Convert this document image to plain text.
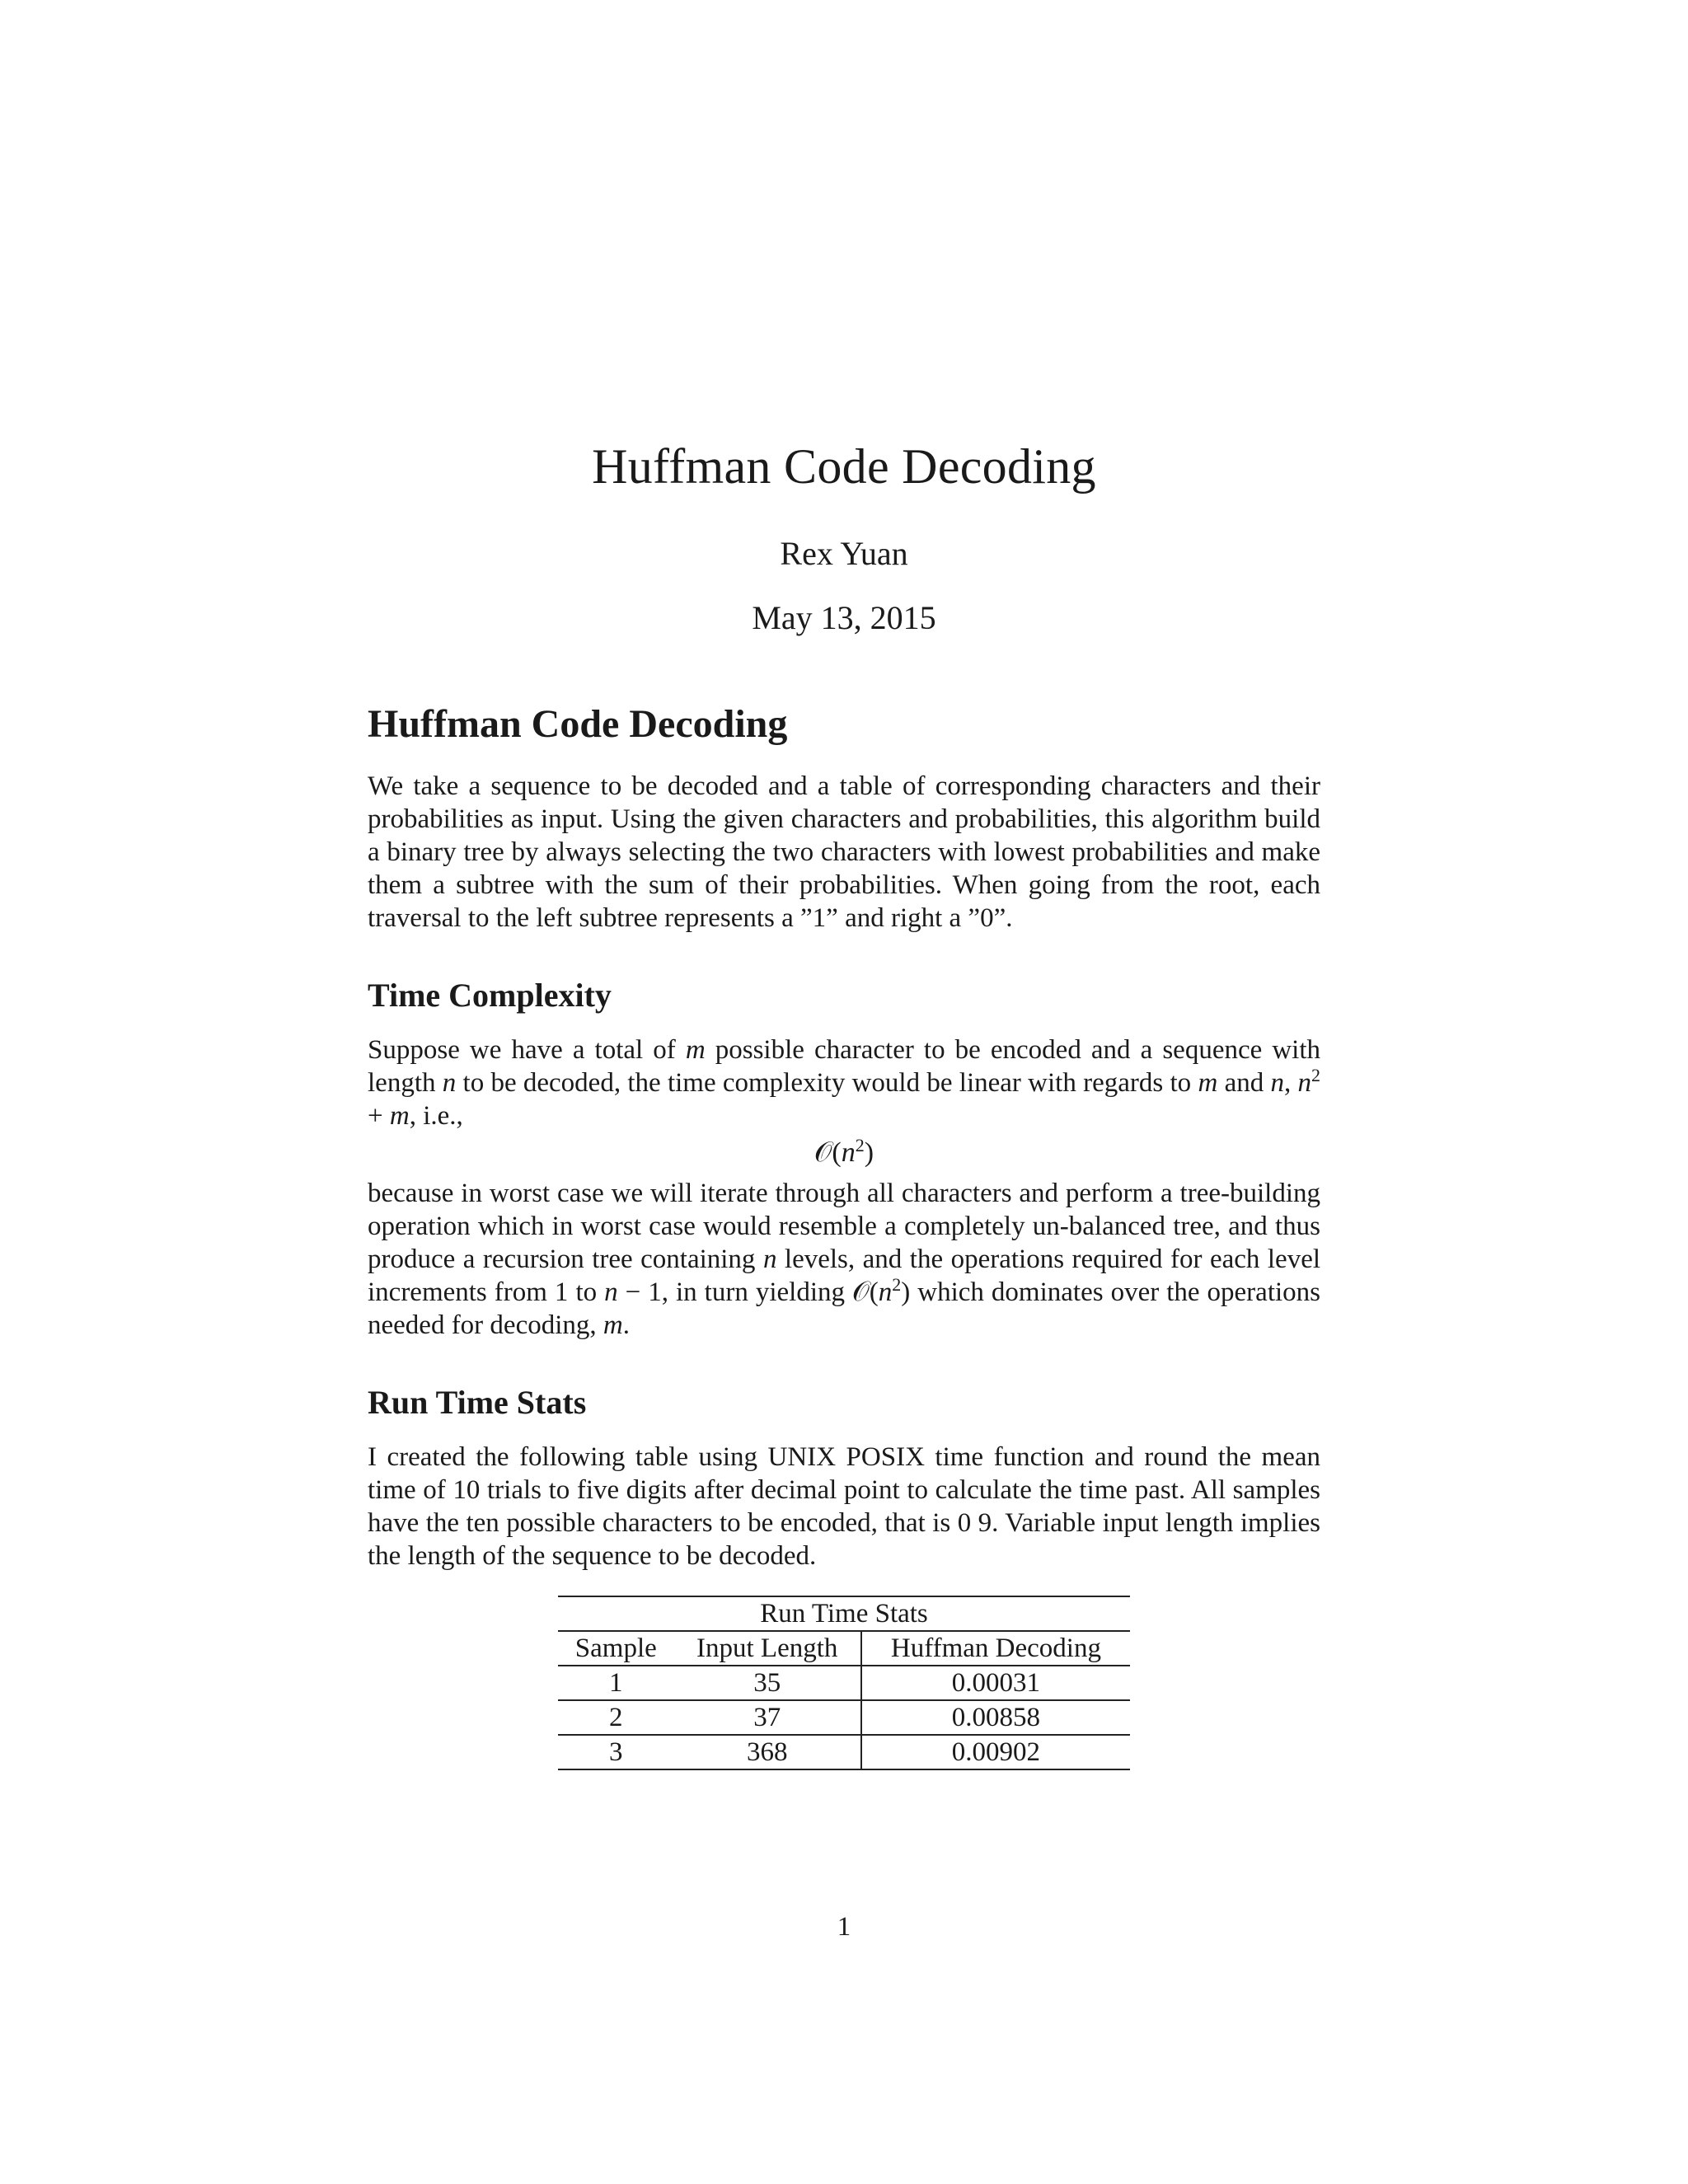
Huffman Code Decoding
Rex Yuan
May 13, 2015
Huffman Code Decoding

We take a sequence to be decoded and a table of corresponding characters and their probabilities as input. Using the given characters and probabilities, this algorithm build a binary tree by always selecting the two characters with lowest probabilities and make them a subtree with the sum of their probabilities. When going from the root, each traversal to the left subtree represents a ”1” and right a ”0”.

Time Complexity

Suppose we have a total of m possible character to be encoded and a sequence with length n to be decoded, the time complexity would be linear with regards to m and n, $n^2 + m$, i.e.,

$𝒪(n^2)$

because in worst case we will iterate through all characters and perform a tree-building operation which in worst case would resemble a completely un-balanced tree, and thus produce a recursion tree containing n levels, and the operations required for each level increments from 1 to n − 1, in turn yielding $𝒪(n^2)$ which dominates over the operations needed for decoding, m.

Run Time Stats

I created the following table using UNIX POSIX time function and round the mean time of 10 trials to five digits after decimal point to calculate the time past. All samples have the ten possible characters to be encoded, that is 0 9. Variable input length implies the length of the sequence to be decoded.

Run Time Stats
Sample	Input Length	Huffman Decoding
1	35	0.00031
2	37	0.00858
3	368	0.00902
1
